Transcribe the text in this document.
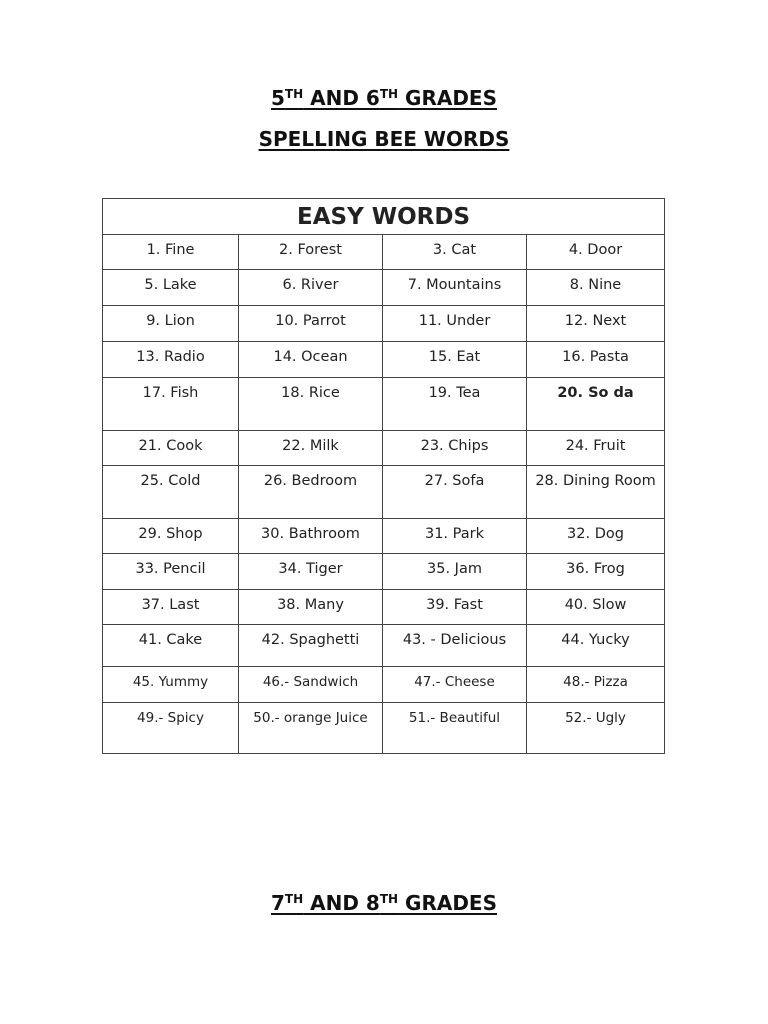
5TH AND 6TH GRADES
SPELLING BEE WORDS
EASY WORDS			

1. Fine	2. Forest	3. Cat	4. Door

5. Lake	6. River	7. Mountains	8. Nine

9. Lion	10. Parrot	11. Under	12. Next

13. Radio	14. Ocean	15. Eat	16. Pasta

17. Fish	18. Rice	19. Tea	20. So da

21. Cook	22. Milk	23. Chips	24. Fruit

25. Cold	26. Bedroom	27. Sofa	28. Dining Room

29. Shop	30. Bathroom	31. Park	32. Dog

33. Pencil	34. Tiger	35. Jam	36. Frog

37. Last	38. Many	39. Fast	40. Slow

41. Cake	42. Spaghetti	43. - Delicious	44. Yucky

45. Yummy	46.- Sandwich	47.- Cheese	48.- Pizza

49.- Spicy	50.- orange Juice	51.- Beautiful	52.- Ugly
7TH AND 8TH GRADES
